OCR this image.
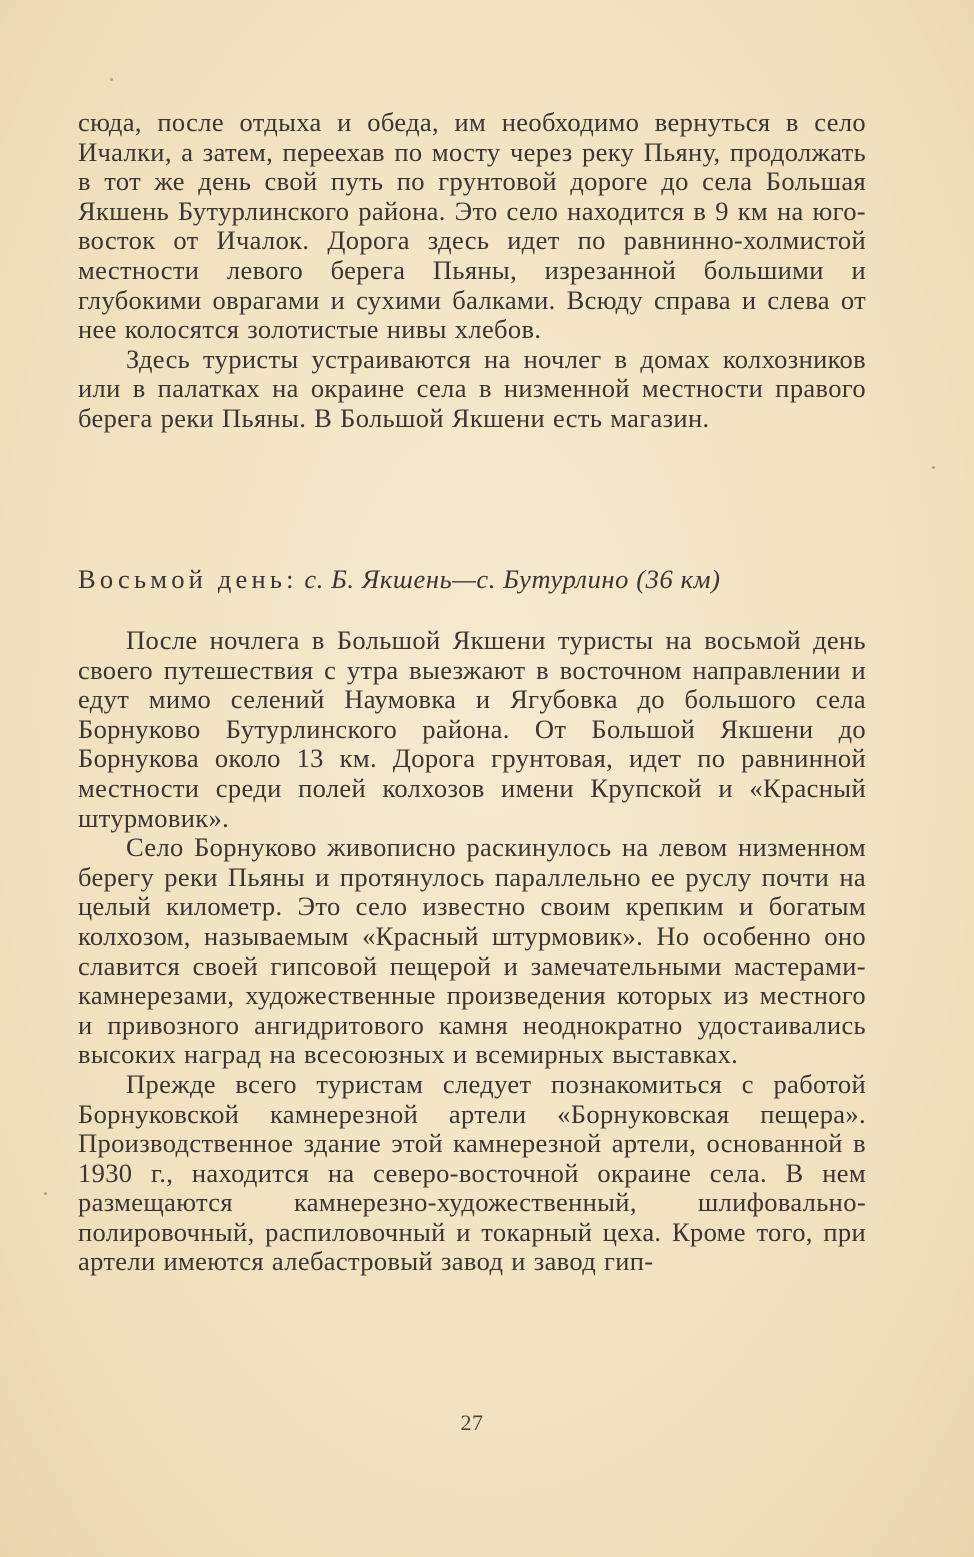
сюда, после отдыха и обеда, им необходимо вернуться в село Ичалки, а затем, переехав по мосту через реку Пьяну, продолжать в тот же день свой путь по грунтовой дороге до села Большая Якшень Бутурлинского района. Это село находится в 9 км на юго-восток от Ичалок. Дорога здесь идет по равнинно-холмистой местности левого берега Пьяны, изрезанной большими и глубокими оврагами и сухими балками. Всюду справа и слева от нее колосятся золотистые нивы хлебов.

Здесь туристы устраиваются на ночлег в домах колхозников или в палатках на окраине села в низменной местности правого берега реки Пьяны. В Большой Якшени есть магазин.

Восьмой день: с. Б. Якшень—с. Бутурлино (36 км)

После ночлега в Большой Якшени туристы на восьмой день своего путешествия с утра выезжают в восточном направлении и едут мимо селений Наумовка и Ягубовка до большого села Борнуково Бутурлинского района. От Большой Якшени до Борнукова около 13 км. Дорога грунтовая, идет по равнинной местности среди полей колхозов имени Крупской и «Красный штурмовик».

Село Борнуково живописно раскинулось на левом низменном берегу реки Пьяны и протянулось параллельно ее руслу почти на целый километр. Это село известно своим крепким и богатым колхозом, называемым «Красный штурмовик». Но особенно оно славится своей гипсовой пещерой и замечательными мастерами-камнерезами, художественные произведения которых из местного и привозного ангидритового камня неоднократно удостаивались высоких наград на всесоюзных и всемирных выставках.

Прежде всего туристам следует познакомиться с работой Борнуковской камнерезной артели «Борнуковская пещера». Производственное здание этой камнерезной артели, основанной в 1930 г., находится на северо-восточной окраине села. В нем размещаются камнерезно-художественный, шлифовально-полировочный, распиловочный и токарный цеха. Кроме того, при артели имеются алебастровый завод и завод гип-

27
